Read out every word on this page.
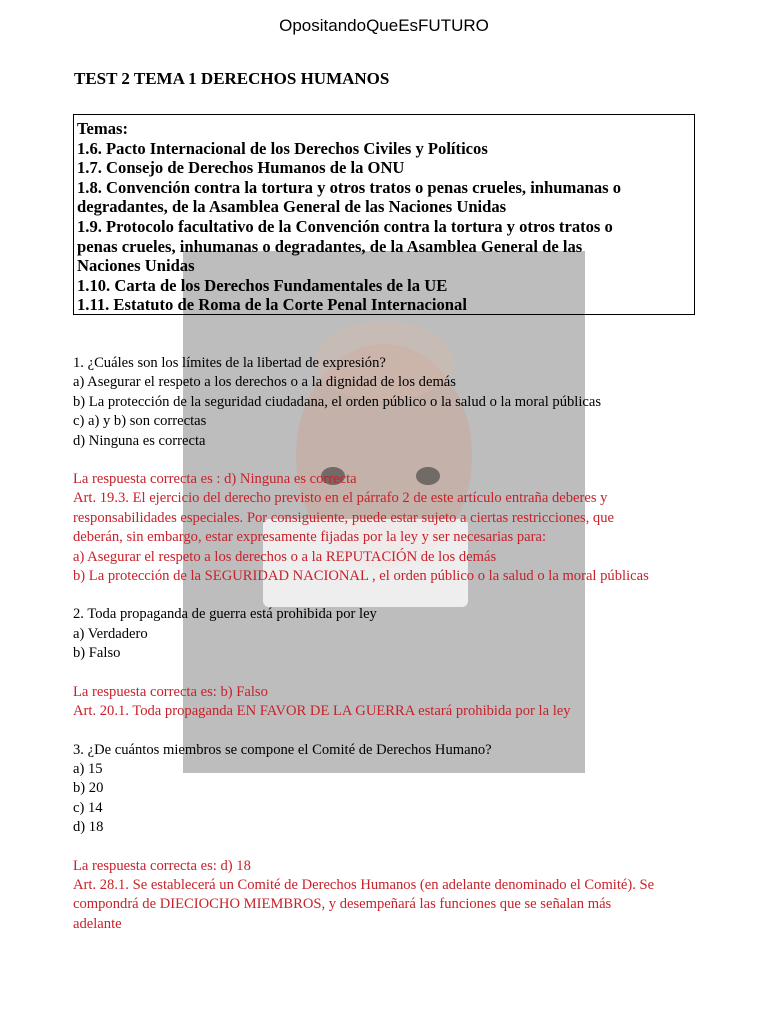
OpositandoQueEsFUTURO
TEST 2 TEMA 1 DERECHOS HUMANOS
Temas:
1.6. Pacto Internacional de los Derechos Civiles y Políticos
1.7. Consejo de Derechos Humanos de la ONU
1.8. Convención contra la tortura y otros tratos o penas crueles, inhumanas o
degradantes, de la Asamblea General de las Naciones Unidas
1.9. Protocolo facultativo de la Convención contra la tortura y otros tratos o
penas crueles, inhumanas o degradantes, de la Asamblea General de las
Naciones Unidas
1.10. Carta de los Derechos Fundamentales de la UE
1.11. Estatuto de Roma de la Corte Penal Internacional
1. ¿Cuáles son los límites de la libertad de expresión?
a) Asegurar el respeto a los derechos o a la dignidad de los demás
b) La protección de la seguridad ciudadana, el orden público o la salud o la moral públicas
c) a) y b) son correctas
d) Ninguna es correcta
La respuesta correcta es : d) Ninguna es correcta
Art. 19.3. El ejercicio del derecho previsto en el párrafo 2 de este artículo entraña deberes y
responsabilidades especiales. Por consiguiente, puede estar sujeto a ciertas restricciones, que
deberán, sin embargo, estar expresamente fijadas por la ley y ser necesarias para:
a) Asegurar el respeto a los derechos o a la REPUTACIÓN de los demás
b) La protección de la SEGURIDAD NACIONAL , el orden público o la salud o la moral públicas
2. Toda propaganda de guerra está prohibida por ley
a) Verdadero
b) Falso
La respuesta correcta es: b) Falso
Art. 20.1. Toda propaganda EN FAVOR DE LA GUERRA estará prohibida por la ley
3. ¿De cuántos miembros se compone el Comité de Derechos Humano?
a) 15
b) 20
c) 14
d) 18
La respuesta correcta es: d) 18
Art. 28.1. Se establecerá un Comité de Derechos Humanos (en adelante denominado el Comité). Se
compondrá de DIECIOCHO MIEMBROS, y desempeñará las funciones que se señalan más
adelante
